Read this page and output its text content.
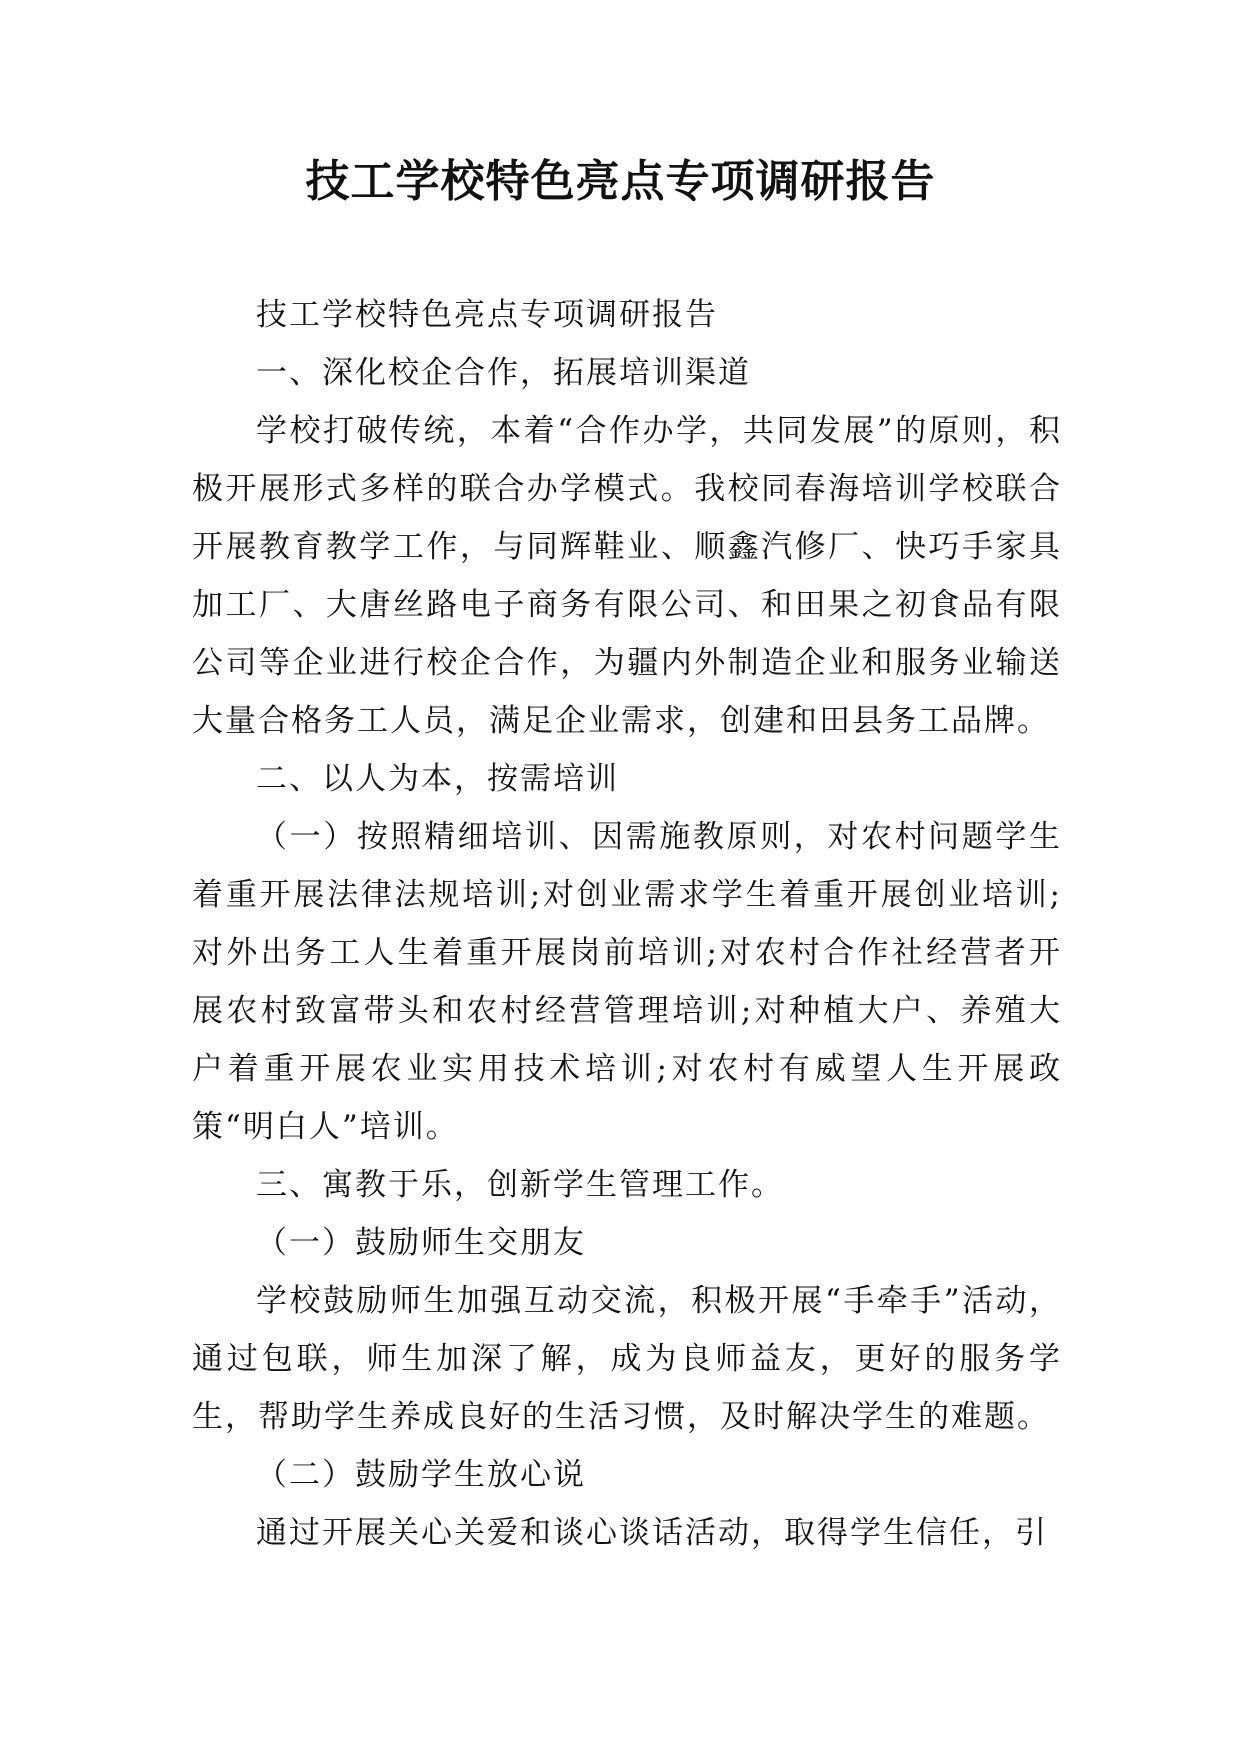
技工学校特色亮点专项调研报告

技工学校特色亮点专项调研报告

一、深化校企合作，拓展培训渠道

学校打破传统，本着“合作办学，共同发展”的原则，积极开展形式多样的联合办学模式。我校同春海培训学校联合开展教育教学工作，与同辉鞋业、顺鑫汽修厂、快巧手家具加工厂、大唐丝路电子商务有限公司、和田果之初食品有限公司等企业进行校企合作，为疆内外制造企业和服务业输送大量合格务工人员，满足企业需求，创建和田县务工品牌。

二、以人为本，按需培训

（一）按照精细培训、因需施教原则，对农村问题学生着重开展法律法规培训;对创业需求学生着重开展创业培训;对外出务工人生着重开展岗前培训;对农村合作社经营者开展农村致富带头和农村经营管理培训;对种植大户、养殖大户着重开展农业实用技术培训;对农村有威望人生开展政策“明白人”培训。

三、寓教于乐，创新学生管理工作。

（一）鼓励师生交朋友

学校鼓励师生加强互动交流，积极开展“手牵手”活动，通过包联，师生加深了解，成为良师益友，更好的服务学生，帮助学生养成良好的生活习惯，及时解决学生的难题。

（二）鼓励学生放心说

通过开展关心关爱和谈心谈话活动，取得学生信任，引
